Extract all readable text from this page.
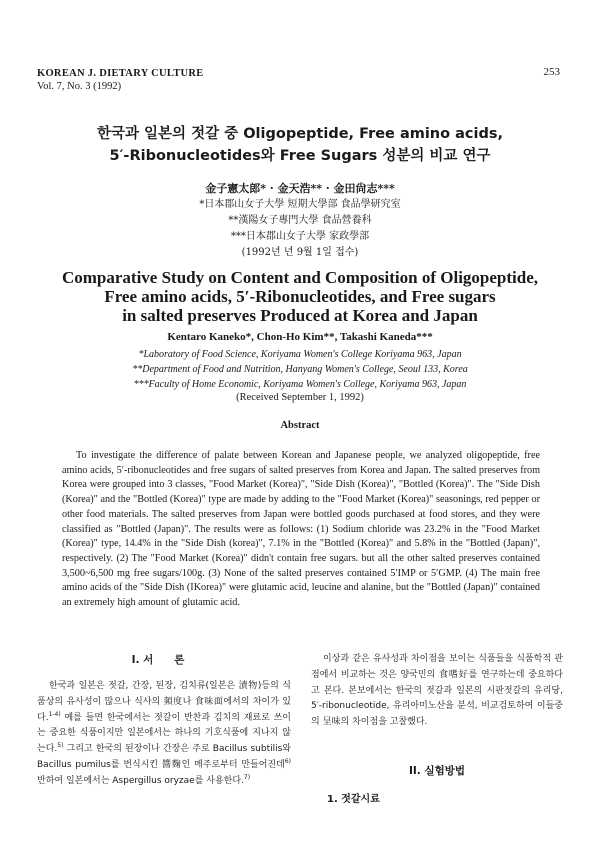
KOREAN J. DIETARY CULTURE
Vol. 7, No. 3 (1992)
253
한국과 일본의 젓갈 중 Oligopeptide, Free amino acids,
5′-Ribonucleotides와 Free Sugars 성분의 비교 연구
金子憲太郎* · 金天浩** · 金田尙志***
*日本郡山女子大學 短期大學部 食品學研究室
**漢陽女子專門大學 食品營養科
***日本郡山女子大學 家政學部
(1992년 년 9월 1일 접수)
Comparative Study on Content and Composition of Oligopeptide,
Free amino acids, 5′-Ribonucleotides, and Free sugars
in salted preserves Produced at Korea and Japan
Kentaro Kaneko*, Chon-Ho Kim**, Takashi Kaneda***
*Laboratory of Food Science, Koriyama Women's College Koriyama 963, Japan
**Department of Food and Nutrition, Hanyang Women's College, Seoul 133, Korea
***Faculty of Home Economic, Koriyama Women's College, Koriyama 963, Japan
(Received September 1, 1992)
Abstract

To investigate the difference of palate between Korean and Japanese people, we analyzed oligopeptide, free amino acids, 5′-ribonucleotides and free sugars of salted preserves from Korea and Japan. The salted preserves from Korea were grouped into 3 classes, "Food Market (Korea)", "Side Dish (Korea)", "Bottled (Korea)". The "Side Dish (Korea)" and the "Bottled (Korea)" type are made by adding to the "Food Market (Korea)" seasonings, red pepper or other food materials. The salted preserves from Japan were bottled goods purchased at food stores, and they were classified as "Bottled (Japan)". The results were as follows: (1) Sodium chloride was 23.2% in the "Food Market (Korea)" type, 14.4% in the "Side Dish (korea)", 7.1% in the "Bottled (Korea)" and 5.8% in the "Bottled (Japan)", respectively. (2) The "Food Market (Korea)" didn't contain free sugars. but all the other salted preserves contained 3,500~6,500 mg free sugars/100g. (3) None of the salted preserves contained 5′IMP or 5′GMP. (4) The main free amino acids of the "Side Dish (IKorea)" were glutamic acid, leucine and alanine, but the "Bottled (Japan)" contained an extremely high amount of glutamic acid.

I. 서　　론

한국과 일본은 젓갈, 간장, 된장, 김치류(일본은 漬物)등의 식품상의 유사성이 많으나 식사의 頻度나 食味面에서의 차이가 있다.$^{1-4)}$ 예를 들면 한국에서는 젓갈이 반찬과 김치의 재료로 쓰이는 중요한 식품이지만 일본에서는 하나의 기호식품에 지나지 않는다.$^{5)}$ 그리고 한국의 된장이나 간장은 주로 Bacillus subtilis와 Bacillus pumilus를 번식시킨 醬麴인 메주로부터 만들어진데$^{6)}$ 반하여 일본에서는 Aspergillus oryzae를 사용한다.$^{7)}$

이상과 같은 유사성과 차이점을 보이는 식품들을 식품학적 관점에서 비교하는 것은 양국민의 食嗜好를 연구하는데 중요하다고 본다. 본보에서는 한국의 젓갈과 일본의 시판젓갈의 유리당, 5′-ribonucleotide, 유리아미노산을 분석, 비교검토하여 이들중의 呈味의 차이점을 고찰했다.

II. 실험방법
1. 젓갈시료
